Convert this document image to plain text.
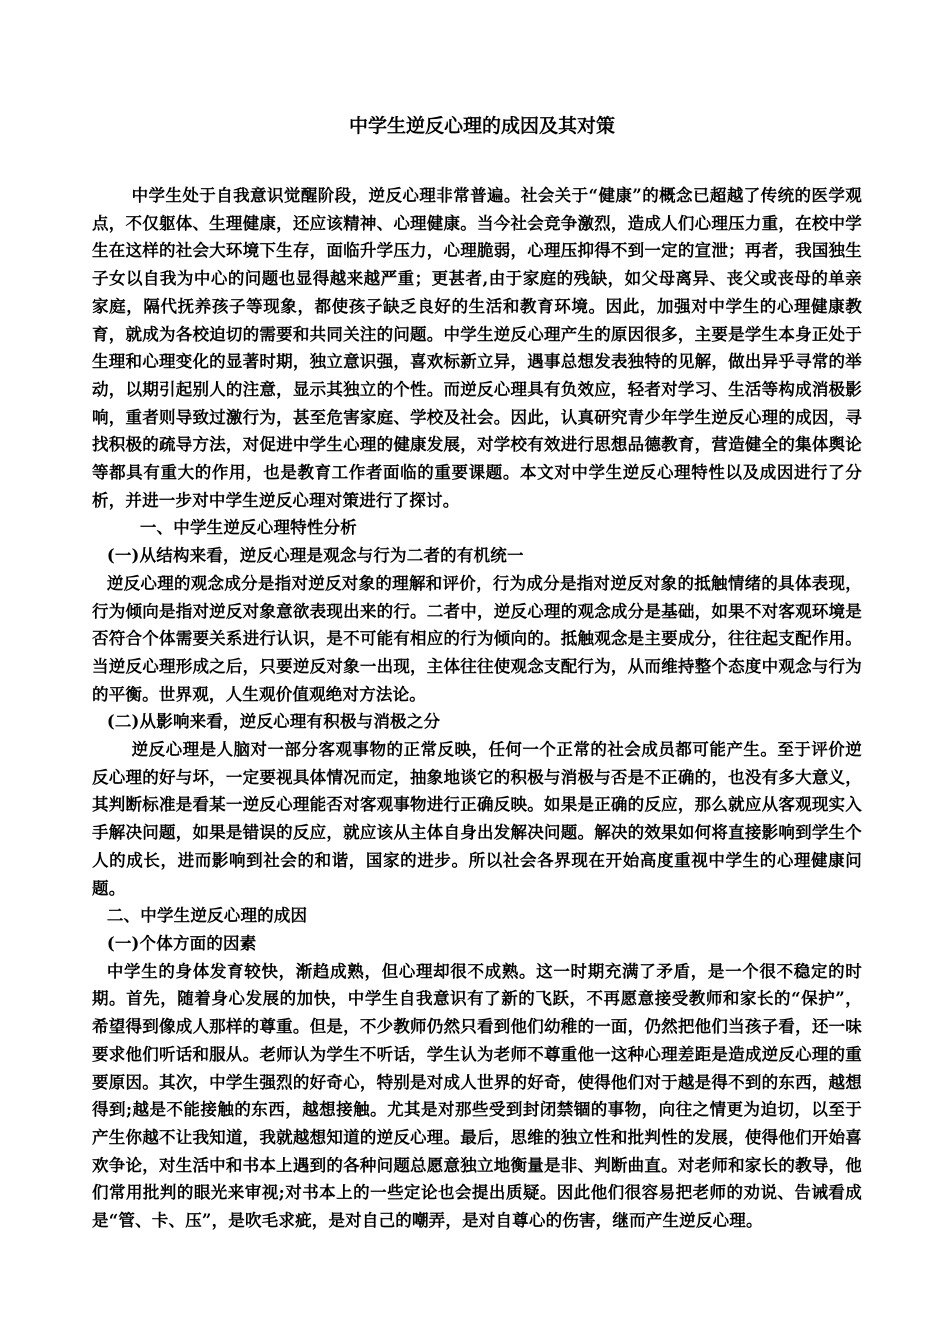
中学生逆反心理的成因及其对策

中学生处于自我意识觉醒阶段，逆反心理非常普遍。社会关于“健康”的概念已超越了传统的医学观点，不仅躯体、生理健康，还应该精神、心理健康。当今社会竞争激烈，造成人们心理压力重，在校中学生在这样的社会大环境下生存，面临升学压力，心理脆弱，心理压抑得不到一定的宣泄；再者，我国独生子女以自我为中心的问题也显得越来越严重；更甚者,由于家庭的残缺，如父母离异、丧父或丧母的单亲家庭，隔代抚养孩子等现象，都使孩子缺乏良好的生活和教育环境。因此，加强对中学生的心理健康教育，就成为各校迫切的需要和共同关注的问题。中学生逆反心理产生的原因很多，主要是学生本身正处于生理和心理变化的显著时期，独立意识强，喜欢标新立异，遇事总想发表独特的见解，做出异乎寻常的举动，以期引起别人的注意，显示其独立的个性。而逆反心理具有负效应，轻者对学习、生活等构成消极影响，重者则导致过激行为，甚至危害家庭、学校及社会。因此，认真研究青少年学生逆反心理的成因，寻找积极的疏导方法，对促进中学生心理的健康发展，对学校有效进行思想品德教育，营造健全的集体舆论等都具有重大的作用，也是教育工作者面临的重要课题。本文对中学生逆反心理特性以及成因进行了分析，并进一步对中学生逆反心理对策进行了探讨。

一、中学生逆反心理特性分析

(一)从结构来看，逆反心理是观念与行为二者的有机统一

逆反心理的观念成分是指对逆反对象的理解和评价，行为成分是指对逆反对象的抵触情绪的具体表现，行为倾向是指对逆反对象意欲表现出来的行。二者中，逆反心理的观念成分是基础，如果不对客观环境是否符合个体需要关系进行认识，是不可能有相应的行为倾向的。抵触观念是主要成分，往往起支配作用。当逆反心理形成之后，只要逆反对象一出现，主体往往使观念支配行为，从而维持整个态度中观念与行为的平衡。世界观，人生观价值观绝对方法论。

(二)从影响来看，逆反心理有积极与消极之分

逆反心理是人脑对一部分客观事物的正常反映，任何一个正常的社会成员都可能产生。至于评价逆反心理的好与坏，一定要视具体情况而定，抽象地谈它的积极与消极与否是不正确的，也没有多大意义，其判断标准是看某一逆反心理能否对客观事物进行正确反映。如果是正确的反应，那么就应从客观现实入手解决问题，如果是错误的反应，就应该从主体自身出发解决问题。解决的效果如何将直接影响到学生个人的成长，进而影响到社会的和谐，国家的进步。所以社会各界现在开始高度重视中学生的心理健康问题。

二、中学生逆反心理的成因

(一)个体方面的因素

中学生的身体发育较快，渐趋成熟，但心理却很不成熟。这一时期充满了矛盾，是一个很不稳定的时期。首先，随着身心发展的加快，中学生自我意识有了新的飞跃，不再愿意接受教师和家长的“保护”，希望得到像成人那样的尊重。但是，不少教师仍然只看到他们幼稚的一面，仍然把他们当孩子看，还一味要求他们听话和服从。老师认为学生不听话，学生认为老师不尊重他一这种心理差距是造成逆反心理的重要原因。其次，中学生强烈的好奇心，特别是对成人世界的好奇，使得他们对于越是得不到的东西，越想得到;越是不能接触的东西，越想接触。尤其是对那些受到封闭禁锢的事物，向往之情更为迫切，以至于产生你越不让我知道，我就越想知道的逆反心理。最后，思维的独立性和批判性的发展，使得他们开始喜欢争论，对生活中和书本上遇到的各种问题总愿意独立地衡量是非、判断曲直。对老师和家长的教导，他们常用批判的眼光来审视;对书本上的一些定论也会提出质疑。因此他们很容易把老师的劝说、告诫看成是“管、卡、压”，是吹毛求疵，是对自己的嘲弄，是对自尊心的伤害，继而产生逆反心理。
